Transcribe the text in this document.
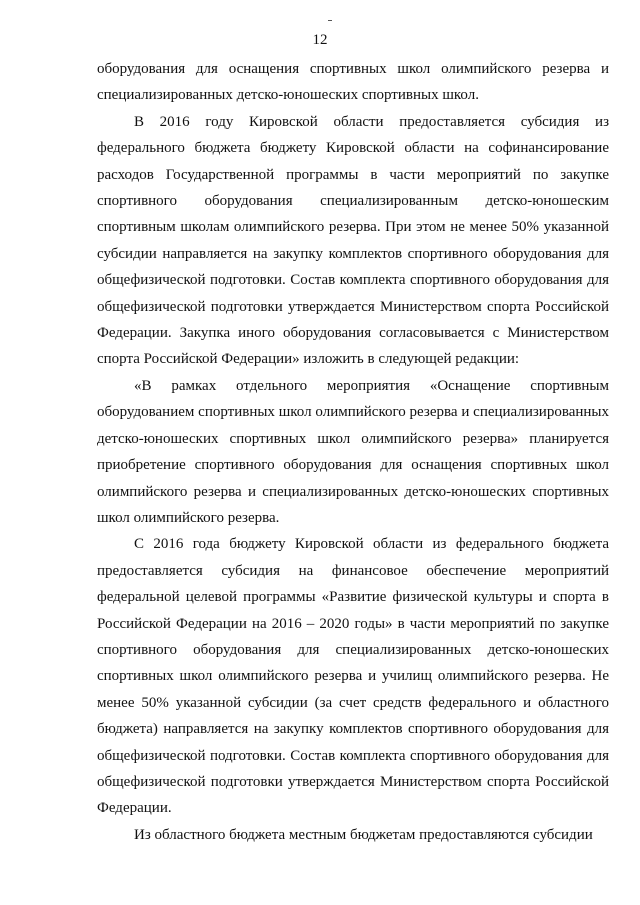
12

оборудования для оснащения спортивных школ олимпийского резерва и специализированных детско-юношеских спортивных школ.

В 2016 году Кировской области предоставляется субсидия из федерального бюджета бюджету Кировской области на софинансирование расходов Государственной программы в части мероприятий по закупке спортивного оборудования специализированным детско-юношеским спортивным школам олимпийского резерва. При этом не менее 50% указанной субсидии направляется на закупку комплектов спортивного оборудования для общефизической подготовки. Состав комплекта спортивного оборудования для общефизической подготовки утверждается Министерством спорта Российской Федерации. Закупка иного оборудования согласовывается с Министерством спорта Российской Федерации» изложить в следующей редакции:

«В рамках отдельного мероприятия «Оснащение спортивным оборудованием спортивных школ олимпийского резерва и специализированных детско-юношеских спортивных школ олимпийского резерва» планируется приобретение спортивного оборудования для оснащения спортивных школ олимпийского резерва и специализированных детско-юношеских спортивных школ олимпийского резерва.

С 2016 года бюджету Кировской области из федерального бюджета предоставляется субсидия на финансовое обеспечение мероприятий федеральной целевой программы «Развитие физической культуры и спорта в Российской Федерации на 2016 – 2020 годы» в части мероприятий по закупке спортивного оборудования для специализированных детско-юношеских спортивных школ олимпийского резерва и училищ олимпийского резерва. Не менее 50% указанной субсидии (за счет средств федерального и областного бюджета) направляется на закупку комплектов спортивного оборудования для общефизической подготовки. Состав комплекта спортивного оборудования для общефизической подготовки утверждается Министерством спорта Российской Федерации.

Из областного бюджета местным бюджетам предоставляются субсидии
